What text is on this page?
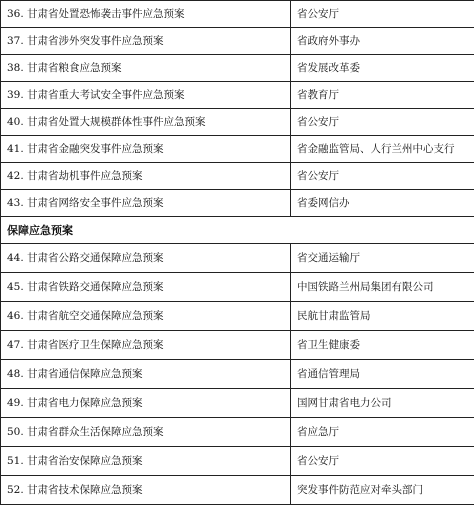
36. 甘肃省处置恐怖袭击事件应急预案	省公安厅
37. 甘肃省涉外突发事件应急预案	省政府外事办
38. 甘肃省粮食应急预案	省发展改革委
39. 甘肃省重大考试安全事件应急预案	省教育厅
40. 甘肃省处置大规模群体性事件应急预案	省公安厅
41. 甘肃省金融突发事件应急预案	省金融监管局、人行兰州中心支行
42. 甘肃省劫机事件应急预案	省公安厅
43. 甘肃省网络安全事件应急预案	省委网信办
保障应急预案
44. 甘肃省公路交通保障应急预案	省交通运输厅
45. 甘肃省铁路交通保障应急预案	中国铁路兰州局集团有限公司
46. 甘肃省航空交通保障应急预案	民航甘肃监管局
47. 甘肃省医疗卫生保障应急预案	省卫生健康委
48. 甘肃省通信保障应急预案	省通信管理局
49. 甘肃省电力保障应急预案	国网甘肃省电力公司
50. 甘肃省群众生活保障应急预案	省应急厅
51. 甘肃省治安保障应急预案	省公安厅
52. 甘肃省技术保障应急预案	突发事件防范应对牵头部门
